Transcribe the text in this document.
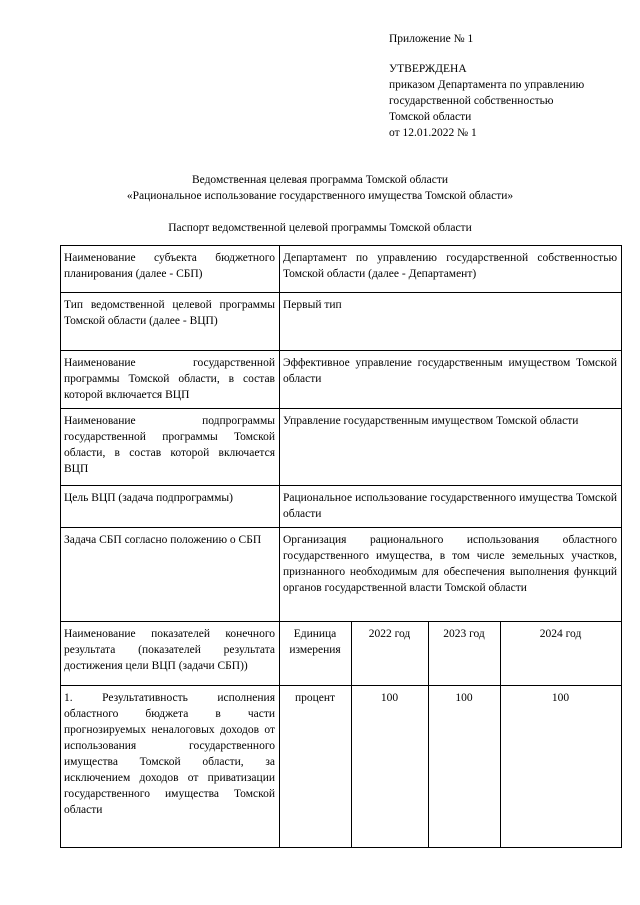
Приложение № 1
УТВЕРЖДЕНА
приказом Департамента по управлению
государственной собственностью
Томской области
от 12.01.2022 № 1
Ведомственная целевая программа Томской области
«Рациональное использование государственного имущества Томской области»
Паспорт ведомственной целевой программы Томской области
Наименование субъекта бюджетного планирования (далее - СБП)	Департамент по управлению государственной собственностью Томской области (далее - Департамент)			
Тип ведомственной целевой программы Томской области (далее - ВЦП)	Первый тип			
Наименование государственной программы Томской области, в состав которой включается ВЦП	Эффективное управление государственным имуществом Томской области			
Наименование подпрограммы государственной программы Томской области, в состав которой включается ВЦП	Управление государственным имуществом Томской области			
Цель ВЦП (задача подпрограммы)	Рациональное использование государственного имущества Томской области			
Задача СБП согласно положению о СБП	Организация рационального использования областного государственного имущества, в том числе земельных участков, признанного необходимым для обеспечения выполнения функций органов государственной власти Томской области			
Наименование показателей конечного результата (показателей результата достижения цели ВЦП (задачи СБП))	Единица измерения	2022 год	2023 год	2024 год
1. Результативность исполнения областного бюджета в части прогнозируемых неналоговых доходов от использования государственного имущества Томской области, за исключением доходов от приватизации государственного имущества Томской области	процент	100	100	100
